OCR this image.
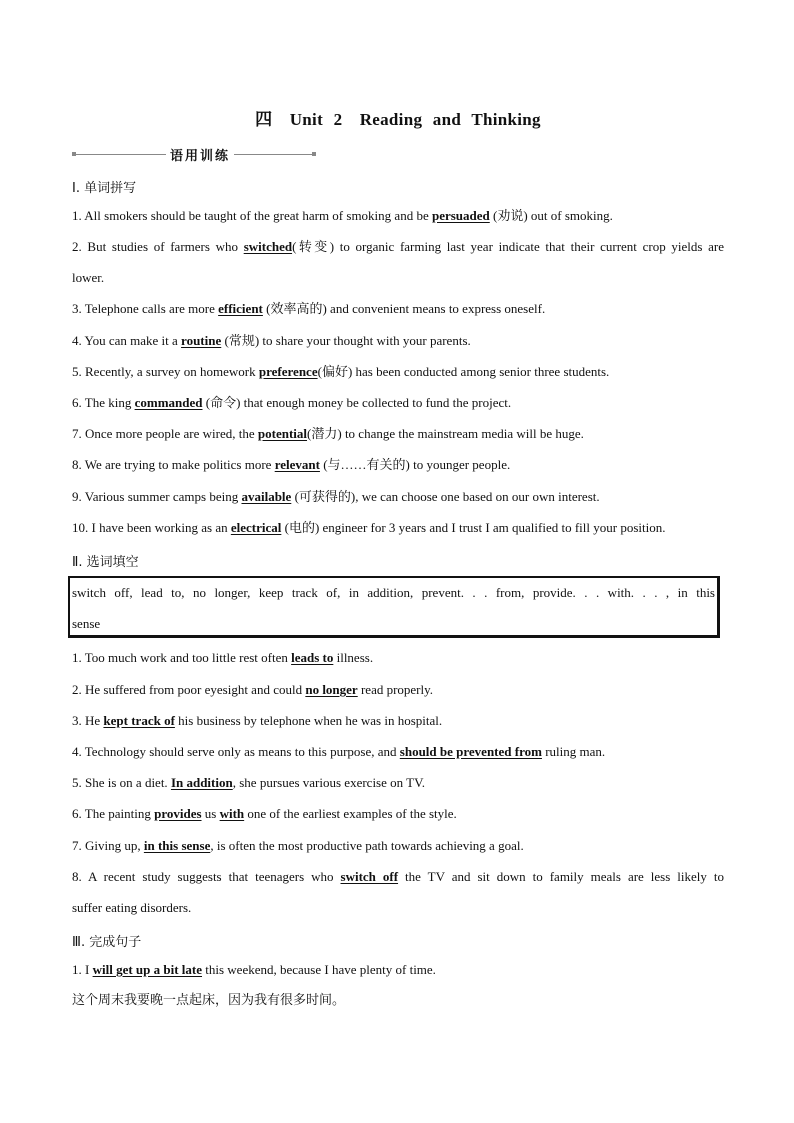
四　Unit 2　Reading and Thinking
语用训练
Ⅰ. 单词拼写
1. All smokers should be taught of the great harm of smoking and be persuaded (劝说) out of smoking.
2. But studies of farmers who switched(转变) to organic farming last year indicate that their current crop yields are
lower.
3. Telephone calls are more efficient (效率高的) and convenient means to express oneself.
4. You can make it a routine (常规) to share your thought with your parents.
5. Recently, a survey on homework preference(偏好) has been conducted among senior three students.
6. The king commanded (命令) that enough money be collected to fund the project.
7. Once more people are wired, the potential(潜力) to change the mainstream media will be huge.
8. We are trying to make politics more relevant (与……有关的) to younger people.
9. Various summer camps being available (可获得的), we can choose one based on our own interest.
10. I have been working as an electrical (电的) engineer for 3 years and I trust I am qualified to fill your position.
Ⅱ. 选词填空
switch off, lead to, no longer, keep track of, in addition, prevent. . . from, provide. . . with. . . , in this
sense
1. Too much work and too little rest often leads to illness.
2. He suffered from poor eyesight and could no longer read properly.
3. He kept track of his business by telephone when he was in hospital.
4. Technology should serve only as means to this purpose, and should be prevented from ruling man.
5. She is on a diet. In addition, she pursues various exercise on TV.
6. The painting provides us with one of the earliest examples of the style.
7. Giving up, in this sense, is often the most productive path towards achieving a goal.
8. A recent study suggests that teenagers who switch off the TV and sit down to family meals are less likely to
suffer eating disorders.
Ⅲ. 完成句子
1. I will get up a bit late this weekend, because I have plenty of time.
这个周末我要晚一点起床，因为我有很多时间。
